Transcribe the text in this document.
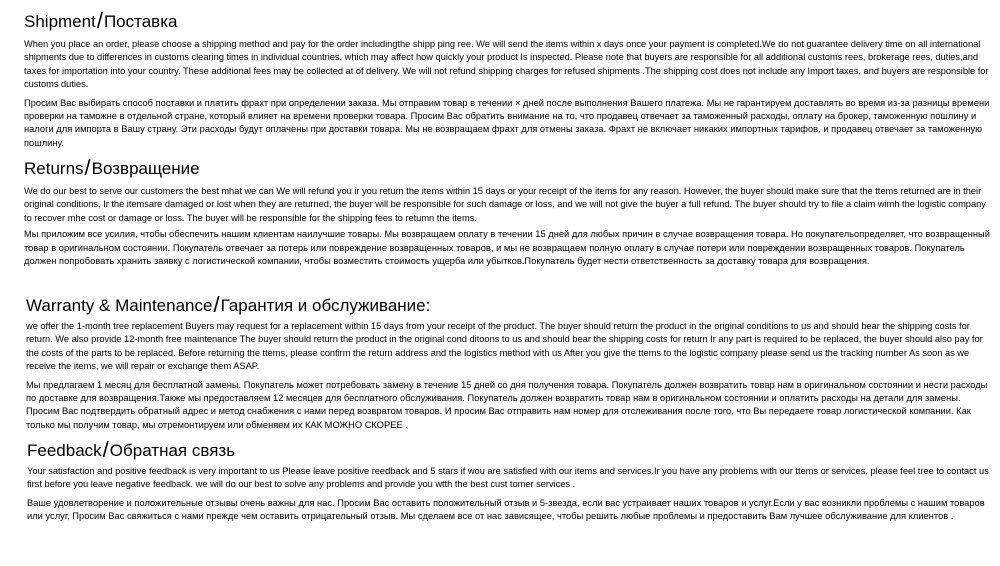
Shipment/Поставка

When you place an order, please choose a shipping method and pay for the order includingthe shipp ping ree. We will send the items within x days once your payment is completed.We do not guarantee delivery time on all international shipments due to differences in customs clearing times in individual countries, which may affect how quickly your product Is inspected. Please note that buyers are responsible for all additional customs rees, brokerage rees, duties,and taxes for importation into your country. These additional fees may be collected at of delivery. We will not refund shipping charges for refused shipments .The shipping cost does not include any Import taxes, and buyers are responsible for customs duties.

Просим Вас выбирать способ поставки и платить фрахт при определении заказа. Мы отправим товар в течении × дней после выполнения Вашего платежа. Мы не гарантируем доставлять во время из-за разницы времени проверки на таможне в отдельной стране, который влияет на времени проверки товара. Просим Вас обратить внимание на то, что продавец отвечает за таможенный расходы, оплату на брокер, таможенную пошлину и налоги для импорта в Вашу страну. Эти расходы будут оплачены при доставки товара. Мы не возвращаем фрахт для отмены заказа. Фрахт не включает никаких импортных тарифов, и продавец отвечает за таможенную пошлину.

Returns/Возвращение

We do our best to serve our customers the best mhat we can We will refund you ir you return the items within 15 days or your receipt of the items for any reason. However, the buyer should make sure that the ttems returned are in their original conditions, Ir the itemsare damaged or lost when they are returned, the buyer will be responsible for such damage or loss, and we will not give the buyer a full refund. The buyer should try to file a claim wimh the logistic company to recover mhe cost or damage or loss. The buyer will be responsible for the shipping fees to retumn the items.

Мы приложим все усилия, чтобы обеспечить нашим клиентам наилучшие товары. Мы возвращаем оплату в течении 15 дней для любых причин в случае возвращения товара. Но покупательопределяет, что возвращенный товар в оригинальном состоянии. Покупатель отвечает за потерь или повреждение возвращенных товаров, и мы не возвращаем полную оплату в случае потери или повреждении возвращенных товаров. Покупатель должен попробовать хранить заявку с логистической компании, чтобы возместить стоимость ущерба или убытков.Покупатель будет нести ответственность за доставку товара для возвращения.

Warranty & Maintenance/Гарантия и обслуживание:

we offer the 1-month tree replacement Buyers may request for a replacement within 15 days from your receipt of the product. The buyer should return the product in the original conditions to us and should bear the shipping costs for return. We also provide 12-month free maintenance The buyer should return the product in the original cond ditoons to us and should bear the shipping costs for return Ir any part is required to be replaced, the buyer should also pay for the costs of the parts to be replaced. Before returning the ttems, please confirm the return address and the logistics method with us After you give the ttems to the logistic company please send us the tracking number As soon as we receive the items, we will repair or exchange them ASAP.

Мы предлагаем 1 месяц для бесплатной замены. Покупатель может потребовать замену в течение 15 дней со дня получения товара. Покупатель должен возвратить товар нам в оригинальном состоянии и нести расходы по доставке для возвращения.Также мы предоставляем 12 месяцев для бесплатного обслуживания. Покупатель должен возвратить товар нам в оригинальном состоянии и оплатить расходы на детали для замены. Просим Вас подтвердить обратный адрес и метод снабжения с нами перед возвратом товаров. И просим Вас отправить нам номер для отслеживания после того, что Вы передаете товар логистической компании. Как только мы получим товар, мы отремонтируем или обменяем их КАК МОЖНО СКОРЕЕ .

Feedback/Обратная связь

Your satisfaction and positive feedback is very important to us Please leave positive reedback and 5 stars if wou are satisfied with our items and services.Ir you have any problems with our ttems or services, please feel tree to contact us first before you leave negative feedback. we will do our best to solve any problems and provide you wtth the best cust tomer services .

Ваше удовлетворение и положительные отзывы очень важны для нас. Просим Вас оставить положительный отзыв и 5-звезда, если вас устраивает наших товаров и услуг.Если у вас возникли проблемы с нашим товаров или услуг, Просим Вас свяжиться с нами прежде чем оставить отрицательный отзыв. Мы сделаем все от нас зависящее, чтобы решить любые проблемы и предоставить Вам лучшее обслуживание для клиентов .
